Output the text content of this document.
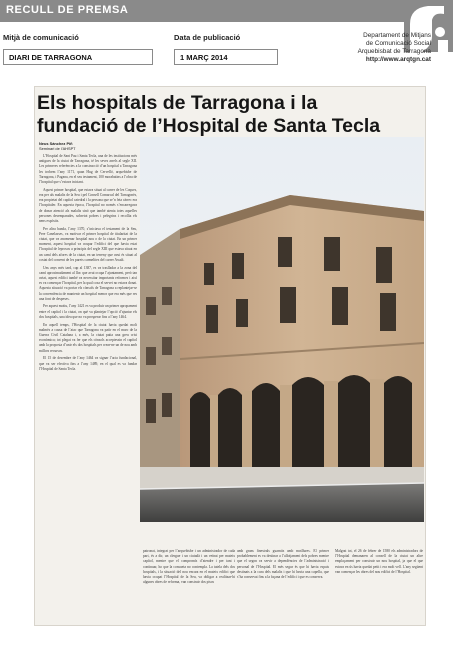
RECULL DE PREMSA
Mitjà de comunicació
DIARI DE TARRAGONA
Data de publicació
1 MARÇ 2014
Departament de Mitjans
de Comunicació Social
Arquebisbat de Tarragona
http://www.arqtgn.cat
Els hospitals de Tarragona i la
fundació de l’Hospital de Santa Tecla
Neus Sánchez Piñ
Seminari de l’AHSPT

L’Hospital de Sant Pau i Santa Tecla, una de les institucions més antigues de la ciutat de Tarragona, té les seves arrels al segle XII. Les primeres referències a la construcció d’un hospital a Tarragona les trobem l’any 1171, quan Hug de Cervelló, arquebisbe de Tarragona, i Pagana, en el seu testament, 100 morabatins a l’obra de l’hospital que s’estava iniciant.

Aquest primer hospital, que estava situat al carrer de les Coques, era per als malalts de la Seu i pel Consell Comarcal del Tarragonès, era propietat del capítol catedral i la persona que se’n feia càrrec era l’hospitaler. En aquesta època, l’hospital no només s’encarregava de donar atenció als malalts sinó que també atenia totes aquelles persones desemparades, sobretot pobres i pelegrins i recollia els nens expòsits.

Per altra banda, l’any 1370, s’iniciava el testament de la Seu, Pere Canelasses, va motivar el primer hospital de titularitat de la ciutat, que va anomenar hospital nou o de la ciutat. En un primer moment, aquest hospital va ocupar l’edifici del que havia estat l’hospital de leprosos a principis del segle XIII que estava situat en un camí dels afores de la ciutat, en un terreny que avui és situat al costat del convent de les parets carmelites del carrer Assalt.

Uns anys més tard, cap al 1387, es va traslladar a la zona del camí aproximadament al lloc que avui ocupa l’ajuntament, però tan aviat, aquest edifici també va necessitar importants reformes i així es va començar l’hospital, per la qual cosa el servei no estava donat. Aquesta situació va portar els cònsols de Tarragona a replantejar-se la conveniència de mantenir un hospital menor que era més que res una font de despeses.

Per aquest motiu, l’any 1421 es va produir un primer apropament entre el capítol i la ciutat, on què va plantejar l’opció d’ajuntar els dos hospitals, una idea que no va prosperar fins a l’any 1464.

En aquell temps, l’Hospital de la ciutat havia quedat molt malmès a causa de l’atac que Tarragona va patir en el marc de la Guerra Civil Catalana i, a més, la ciutat patia una greu crisi econòmica; tot plegat va fer que els cònsols acceptessin el capítol amb la proposta d’unir els dos hospitals per crear-ne un de nou amb millors recursos.

El 15 de desembre de l’any 1464 va signar l’acta fundacional, que va ser efectiva fins a l’any 1489, en el qual es va fundar l’Hospital de Santa Tecla.

patronat, integrat per l’arquebisbe i un administrador de cada part, és a dir, un clergue i un ciutadà i un veïnat per mateix capítol, mentre que el compromís d’atendre i per tant i continuar, ho que la consueta no contempla. La tutela dels dos hospitals, i la situació del nou encara en el mateix edifici que havia ocupat l’Hospital de la Seu, va obligar a realitzar-hi algunes obres de reforma, van construir dos pisos
amb grans finestrals guarnits amb motllures. El primer probablement es va destinar a l’allotjament dels pobres mentre que el segon va servir a dependències de l’administració i personal de l’Hospital. El més segur és que hi havia espais destinats a la cura dels malalts i que hi havia una capella, que s’ha conservat fins a la façana de l’edifici i que es conserva.
Malgrat tot, el 26 de febrer de 1580 els administradors de l’Hospital demanaren al consell de la ciutat un altre emplaçament per construir un nou hospital, ja que el que estava en ús havia quedat petit i era molt vell. L’any següent van començar les obres del nou edifici de l’Hospital.
